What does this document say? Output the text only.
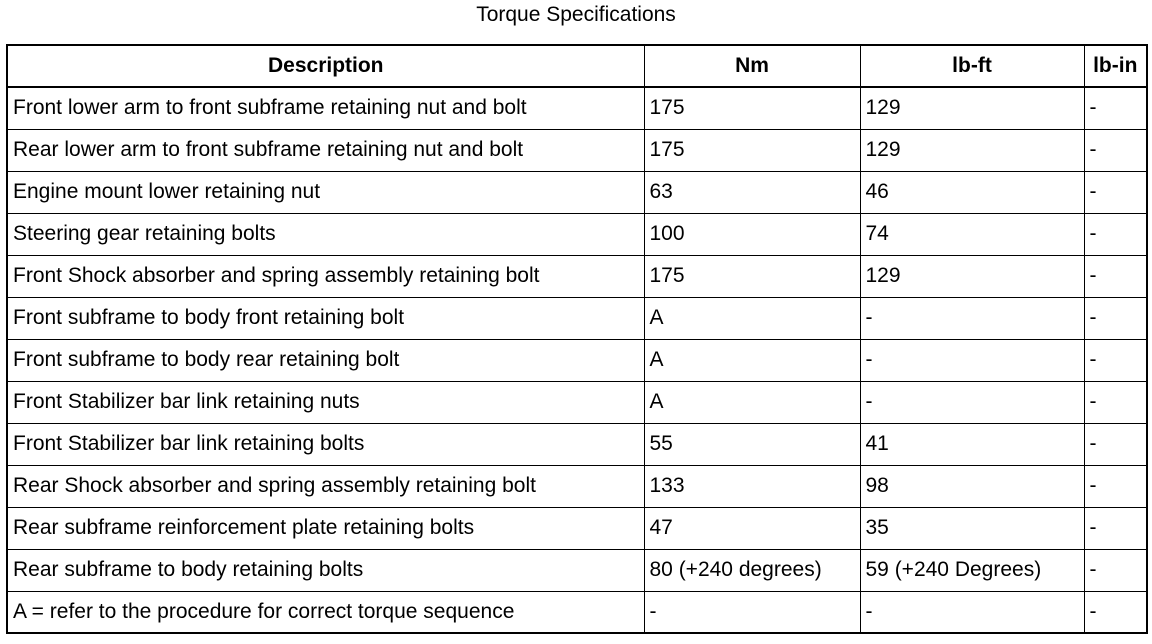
Torque Specifications
Description	Nm	lb-ft	lb-in
Front lower arm to front subframe retaining nut and bolt	175	129	-
Rear lower arm to front subframe retaining nut and bolt	175	129	-
Engine mount lower retaining nut	63	46	-
Steering gear retaining bolts	100	74	-
Front Shock absorber and spring assembly retaining bolt	175	129	-
Front subframe to body front retaining bolt	A	-	-
Front subframe to body rear retaining bolt	A	-	-
Front Stabilizer bar link retaining nuts	A	-	-
Front Stabilizer bar link retaining bolts	55	41	-
Rear Shock absorber and spring assembly retaining bolt	133	98	-
Rear subframe reinforcement plate retaining bolts	47	35	-
Rear subframe to body retaining bolts	80 (+240 degrees)	59 (+240 Degrees)	-
A = refer to the procedure for correct torque sequence	-	-	-
